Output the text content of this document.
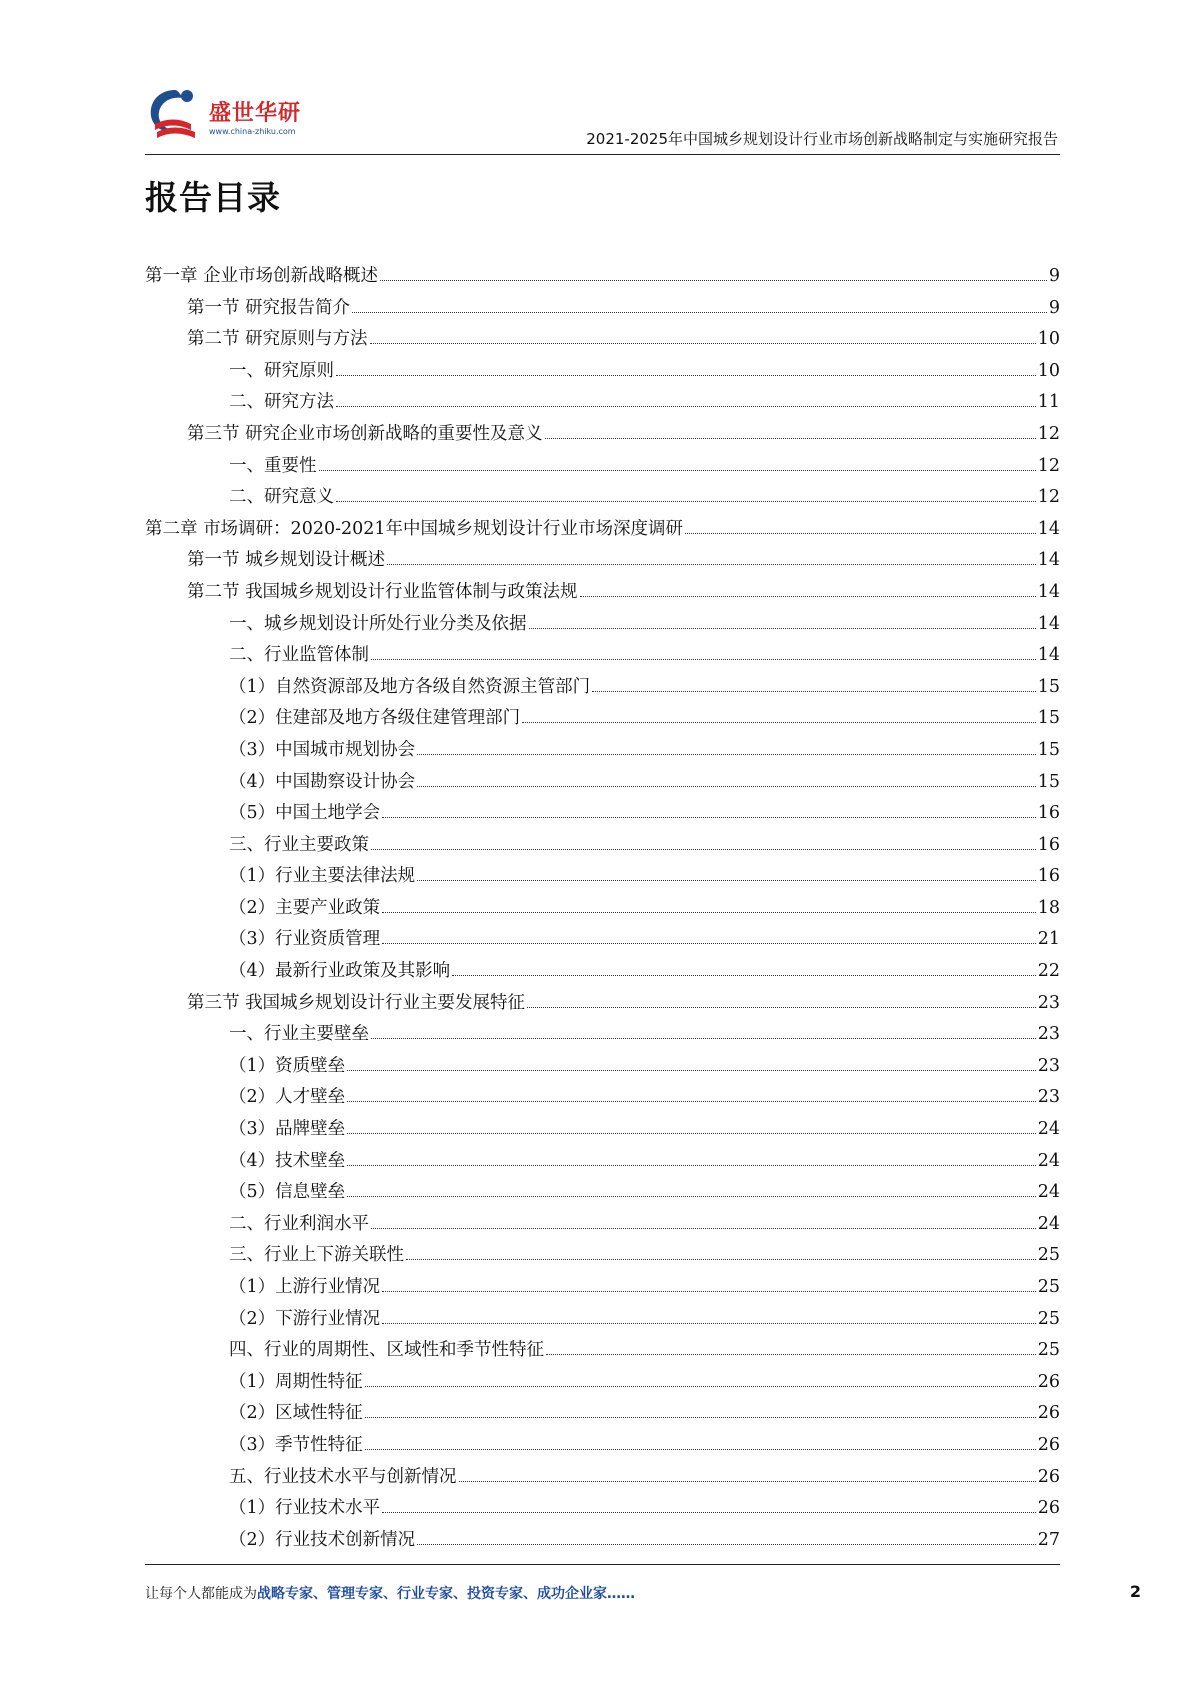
盛世华研
www.china-zhiku.com	2021-2025年中国城乡规划设计行业市场创新战略制定与实施研究报告
报告目录
第一章 企业市场创新战略概述	9
第一节 研究报告简介	9
第二节 研究原则与方法	10
一、研究原则	10
二、研究方法	11
第三节 研究企业市场创新战略的重要性及意义	12
一、重要性	12
二、研究意义	12
第二章 市场调研：2020-2021年中国城乡规划设计行业市场深度调研	14
第一节 城乡规划设计概述	14
第二节 我国城乡规划设计行业监管体制与政策法规	14
一、城乡规划设计所处行业分类及依据	14
二、行业监管体制	14
（1）自然资源部及地方各级自然资源主管部门	15
（2）住建部及地方各级住建管理部门	15
（3）中国城市规划协会	15
（4）中国勘察设计协会	15
（5）中国土地学会	16
三、行业主要政策	16
（1）行业主要法律法规	16
（2）主要产业政策	18
（3）行业资质管理	21
（4）最新行业政策及其影响	22
第三节 我国城乡规划设计行业主要发展特征	23
一、行业主要壁垒	23
（1）资质壁垒	23
（2）人才壁垒	23
（3）品牌壁垒	24
（4）技术壁垒	24
（5）信息壁垒	24
二、行业利润水平	24
三、行业上下游关联性	25
（1）上游行业情况	25
（2）下游行业情况	25
四、行业的周期性、区域性和季节性特征	25
（1）周期性特征	26
（2）区域性特征	26
（3）季节性特征	26
五、行业技术水平与创新情况	26
（1）行业技术水平	26
（2）行业技术创新情况	27
让每个人都能成为战略专家、管理专家、行业专家、投资专家、成功企业家……	2
